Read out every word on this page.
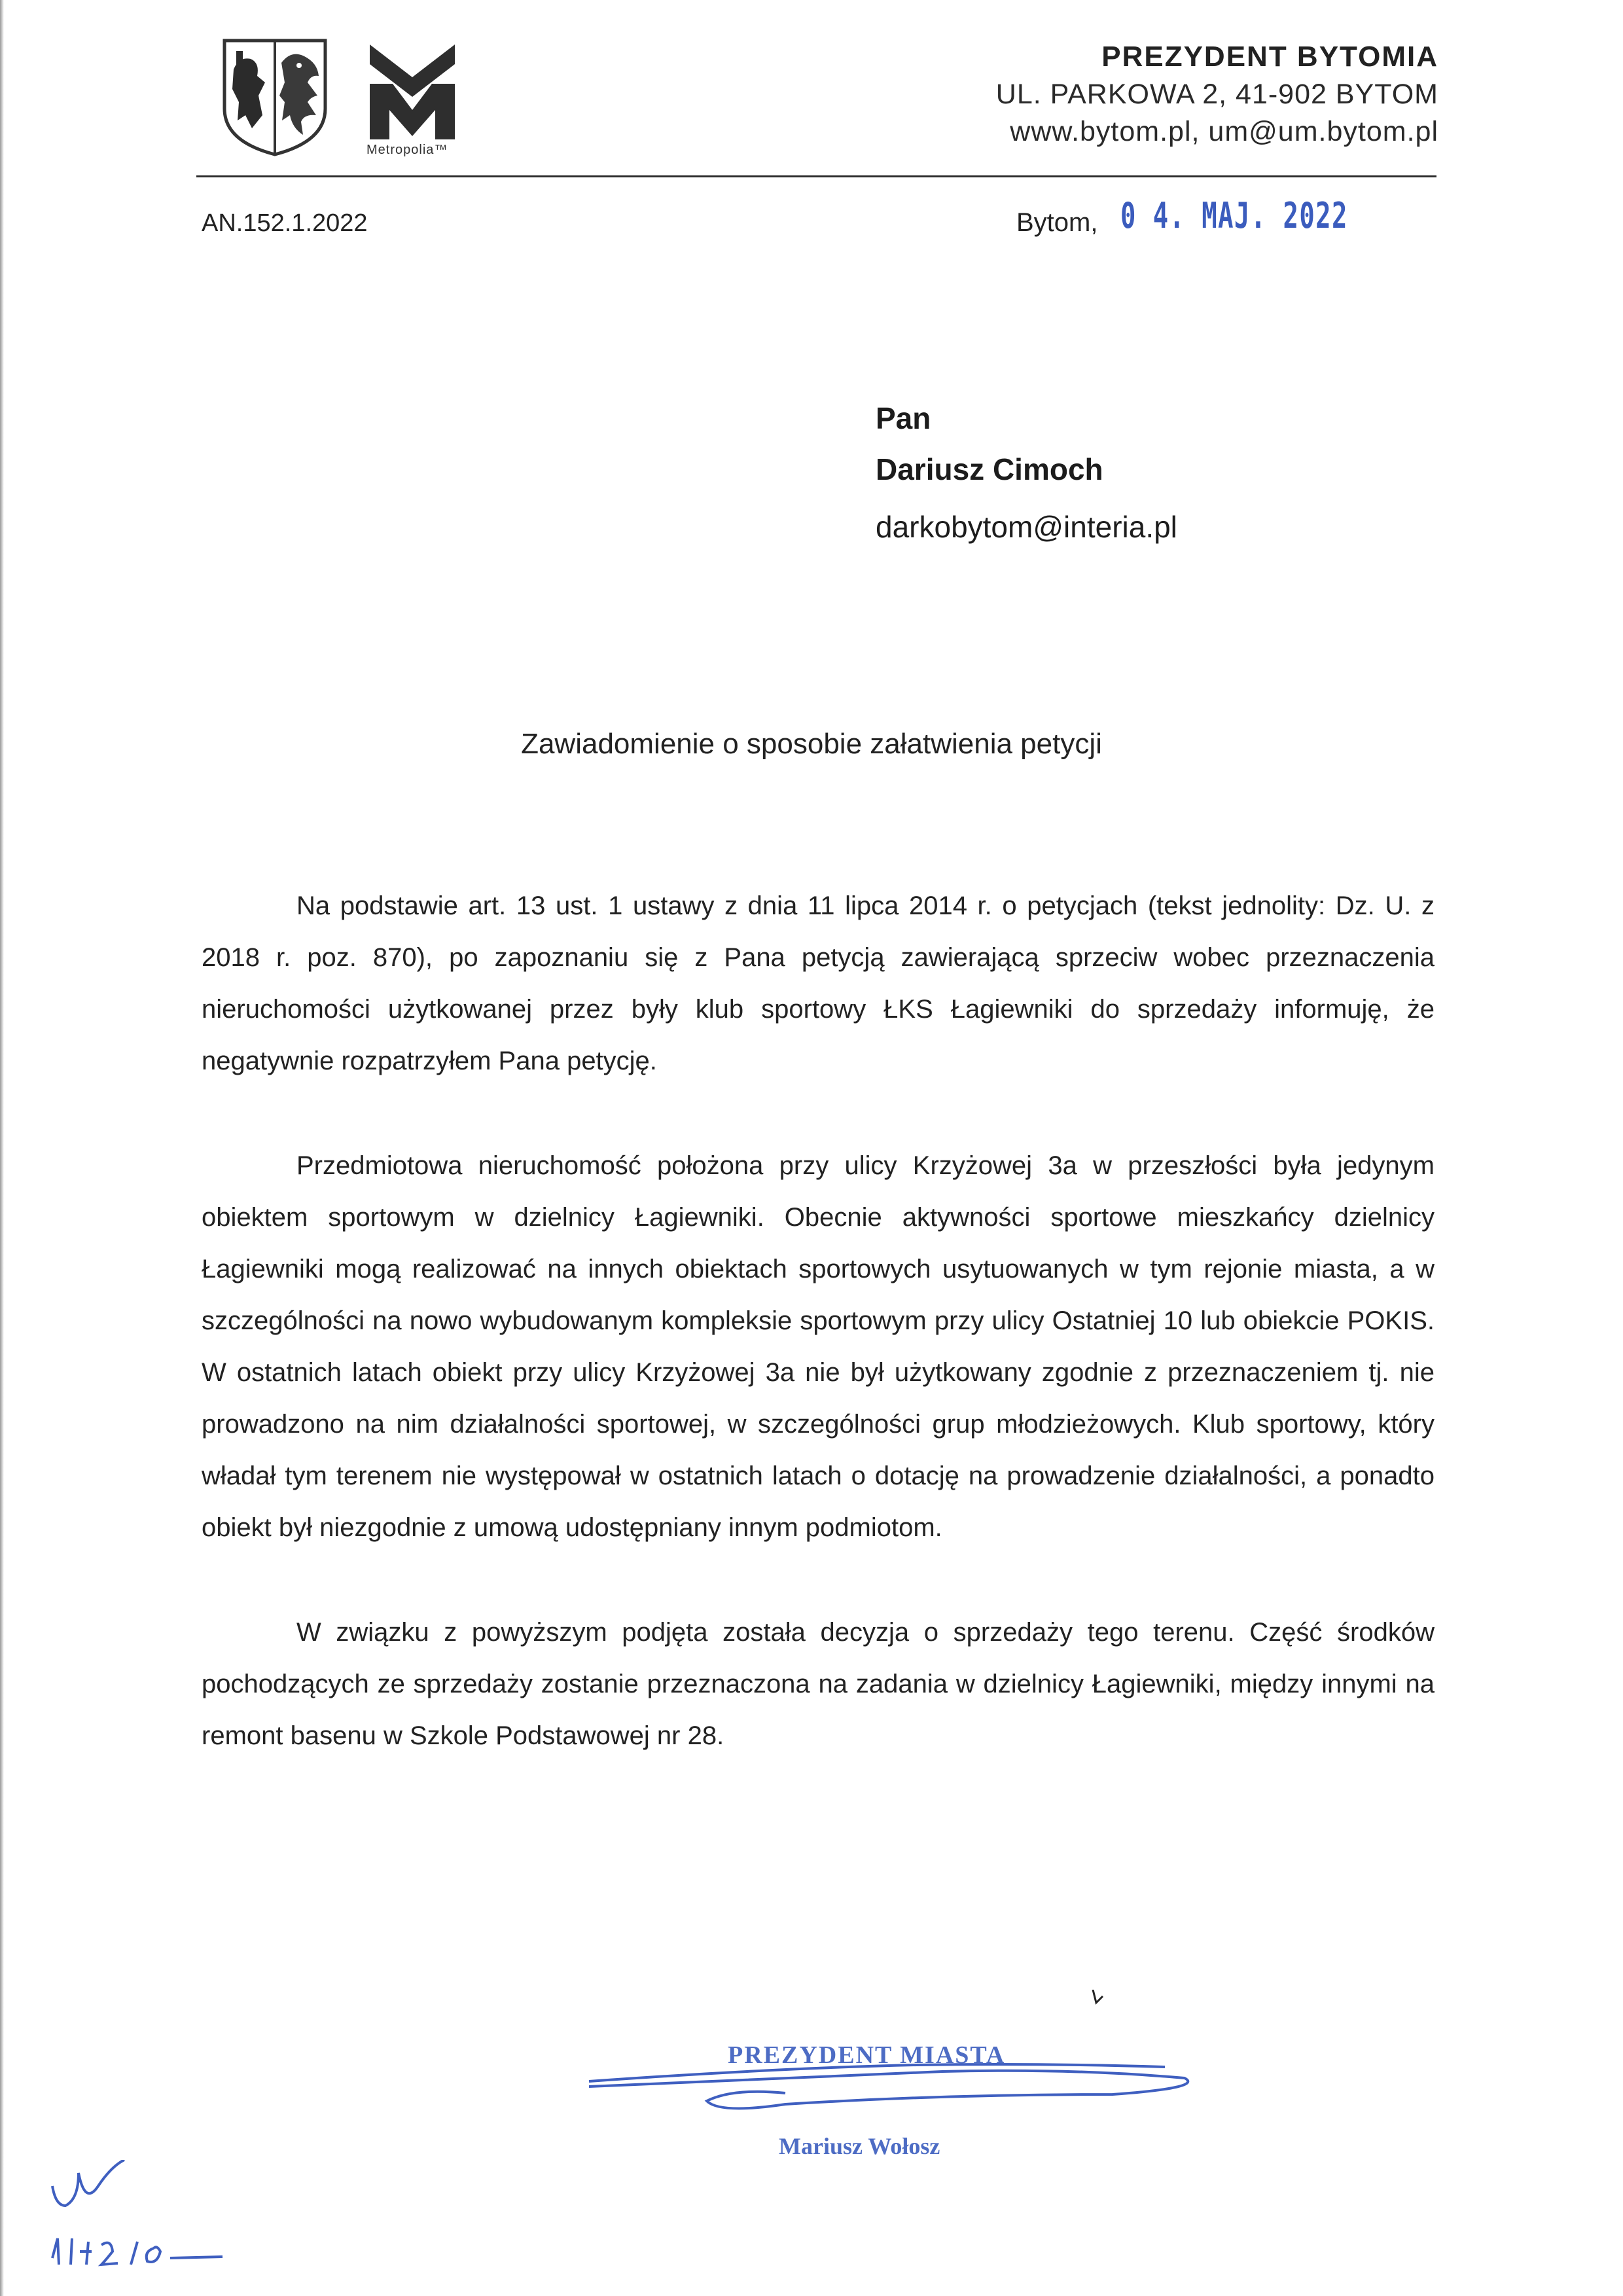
Metropolia™
PREZYDENT BYTOMIA
UL. PARKOWA 2, 41-902 BYTOM
www.bytom.pl, um@um.bytom.pl
AN.152.1.2022	Bytom, 0 4. MAJ. 2022
Pan
Dariusz Cimoch
darkobytom@interia.pl
Zawiadomienie o sposobie załatwienia petycji

Na podstawie art. 13 ust. 1 ustawy z dnia 11 lipca 2014 r. o petycjach (tekst jednolity: Dz. U. z 2018 r. poz. 870), po zapoznaniu się z Pana petycją zawierającą sprzeciw wobec przeznaczenia nieruchomości użytkowanej przez były klub sportowy ŁKS Łagiewniki do sprzedaży informuję, że negatywnie rozpatrzyłem Pana petycję.

Przedmiotowa nieruchomość położona przy ulicy Krzyżowej 3a w przeszłości była jedynym obiektem sportowym w dzielnicy Łagiewniki. Obecnie aktywności sportowe mieszkańcy dzielnicy Łagiewniki mogą realizować na innych obiektach sportowych usytuowanych w tym rejonie miasta, a w szczególności na nowo wybudowanym kompleksie sportowym przy ulicy Ostatniej 10 lub obiekcie POKIS. W ostatnich latach obiekt przy ulicy Krzyżowej 3a nie był użytkowany zgodnie z przeznaczeniem tj. nie prowadzono na nim działalności sportowej, w szczególności grup młodzieżowych. Klub sportowy, który władał tym terenem nie występował w ostatnich latach o dotację na prowadzenie działalności, a ponadto obiekt był niezgodnie z umową udostępniany innym podmiotom.

W związku z powyższym podjęta została decyzja o sprzedaży tego terenu. Część środków pochodzących ze sprzedaży zostanie przeznaczona na zadania w dzielnicy Łagiewniki, między innymi na remont basenu w Szkole Podstawowej nr 28.

PREZYDENT MIASTA
Mariusz Wołosz
